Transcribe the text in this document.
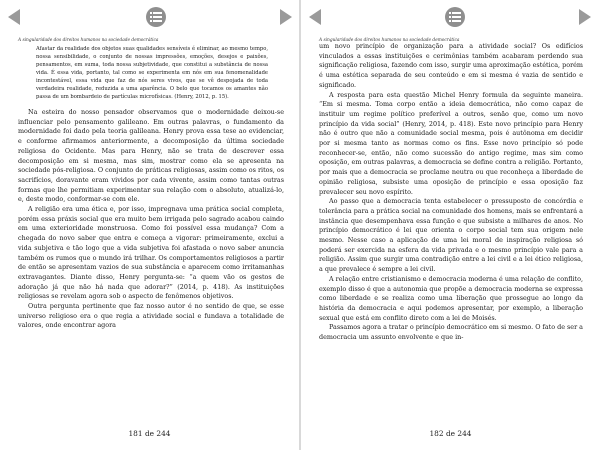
A singularidade dos direitos humanos na sociedade democrática

Afastar da realidade dos objetos suas qualidades sensíveis é eliminar, ao mesmo tempo, nossa sensibilidade, o conjunto de nossas impressões, emoções, desejos e paixões, pensamentos, em suma, toda nossa subjetividade, que constitui a substância de nossa vida. É essa vida, portanto, tal como se experimenta em nós em sua fenomenalidade incontestável, essa vida que faz de nós seres vivos, que se vê despojada de toda verdadeira realidade, reduzida a uma aparência. O belo que tocamos os amantes não passa de um bombardeio de partículas microfísicas. (Henry, 2012, p. 15).

Na esteira do nosso pensador observamos que o modernidade deixou-se influenciar pelo pensamento galileano. Em outras palavras, o fundamento da modernidade foi dado pela teoria galileana. Henry prova essa tese ao evidenciar, e conforme afirmamos anteriormente, a decomposição da última sociedade religiosa do Ocidente. Mas para Henry, não se trata de descrever essa decomposição em si mesma, mas sim, mostrar como ela se apresenta na sociedade pós-religiosa. O conjunto de práticas religiosas, assim como os ritos, os sacrifícios, doravante eram vividos por cada vivente, assim como tantas outras formas que lhe permitiam experimentar sua relação com o absoluto, atualizá-lo, e, deste modo, conformar-se com ele.

A religião era uma ética e, por isso, impregnava uma prática social completa, porém essa práxis social que era muito bem irrigada pelo sagrado acabou caindo em uma exterioridade monstruosa. Como foi possível essa mudança? Com a chegada do novo saber que entra e começa a vigorar: primeiramente, exclui a vida subjetiva e tão logo que a vida subjetiva foi afastada o novo saber anuncia também os rumos que o mundo irá trilhar. Os comportamentos religiosos a partir de então se apresentam vazios de sua substância e aparecem como irritamanhas extravagantes. Diante disso, Henry pergunta-se: “a quem vão os gestos de adoração já que não há nada que adorar?” (2014, p. 418). As instituições religiosas se revelam agora sob o aspecto de fenômenos objetivos.

Outra pergunta pertinente que faz nosso autor é no sentido de que, se esse universo religioso era o que regia a atividade social e fundava a totalidade de valores, onde encontrar agora

181 de 244
A singularidade dos direitos humanos na sociedade democrática

um novo princípio de organização para a atividade social? Os edifícios vinculados a essas instituições e cerimônias também acabaram perdendo sua significação religiosa, fazendo com isso, surgir uma aproximação estética, porém é uma estética separada de seu conteúdo e em si mesma é vazia de sentido e significado.

A resposta para esta questão Michel Henry formula da seguinte maneira. “Em si mesma. Toma corpo então a ideia democrática, não como capaz de instituir um regime político preferível a outros, senão que, como um novo princípio da vida social” (Henry, 2014, p. 418). Este novo princípio para Henry não é outro que não a comunidade social mesma, pois é autônoma em decidir por si mesma tanto as normas como os fins. Esse novo princípio só pode reconhecer-se, então, não como sucessão do antigo regime, mas sim como oposição, em outras palavras, a democracia se define contra a religião. Portanto, por mais que a democracia se proclame neutra ou que reconheça a liberdade de opinião religiosa, subsiste uma oposição de princípio e essa oposição faz prevalecer seu novo espírito.

Ao passo que a democracia tenta estabelecer o pressuposto de concórdia e tolerância para a prática social na comunidade dos homens, mais se enfrentará a instância que desempenhava essa função e que subsiste a milhares de anos. No princípio democrático é lei que orienta o corpo social tem sua origem nele mesmo. Nesse caso a aplicação de uma lei moral de inspiração religiosa só poderá ser exercida na esfera da vida privada e o mesmo princípio vale para a religião. Assim que surgir uma contradição entre a lei civil e a lei ético religiosa, a que prevalece é sempre a lei civil.

A relação entre cristianismo e democracia moderna é uma relação de conflito, exemplo disso é que a autonomia que propõe a democracia moderna se expressa como liberdade e se realiza como uma liberação que prossegue ao longo da história da democracia e aqui podemos apresentar, por exemplo, a liberação sexual que está em conflito direto com a lei de Moisés.

Passamos agora a tratar o princípio democrático em si mesmo. O fato de ser a democracia um assunto envolvente e que in-

182 de 244
